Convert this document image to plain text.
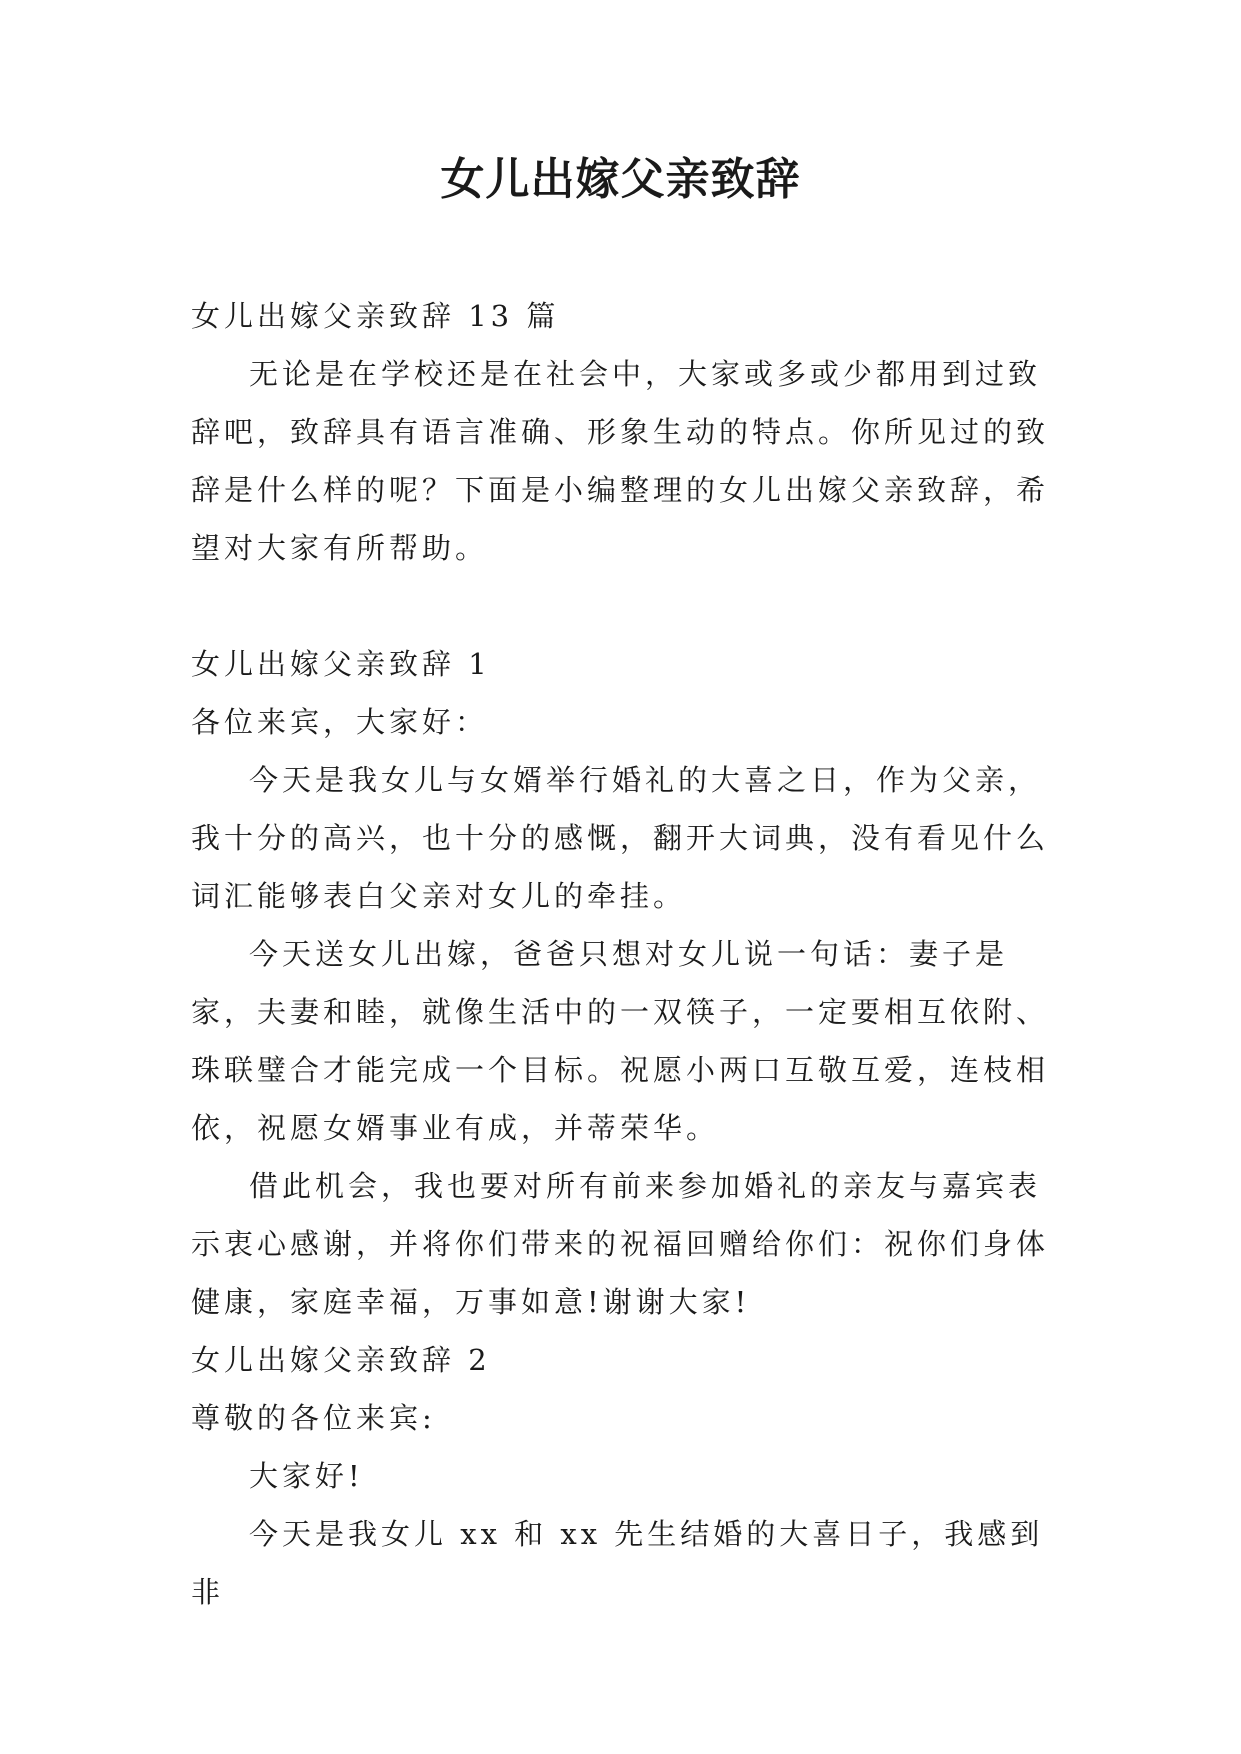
女儿出嫁父亲致辞

女儿出嫁父亲致辞 13 篇

无论是在学校还是在社会中，大家或多或少都用到过致辞吧，致辞具有语言准确、形象生动的特点。你所见过的致辞是什么样的呢？下面是小编整理的女儿出嫁父亲致辞，希望对大家有所帮助。

女儿出嫁父亲致辞 1

各位来宾，大家好：

今天是我女儿与女婿举行婚礼的大喜之日，作为父亲，我十分的高兴，也十分的感慨，翻开大词典，没有看见什么词汇能够表白父亲对女儿的牵挂。

今天送女儿出嫁，爸爸只想对女儿说一句话：妻子是家，夫妻和睦，就像生活中的一双筷子，一定要相互依附、珠联璧合才能完成一个目标。祝愿小两口互敬互爱，连枝相依，祝愿女婿事业有成，并蒂荣华。

借此机会，我也要对所有前来参加婚礼的亲友与嘉宾表示衷心感谢，并将你们带来的祝福回赠给你们：祝你们身体健康，家庭幸福，万事如意!谢谢大家!

女儿出嫁父亲致辞 2

尊敬的各位来宾:

大家好!

今天是我女儿 xx 和 xx 先生结婚的大喜日子，我感到非
